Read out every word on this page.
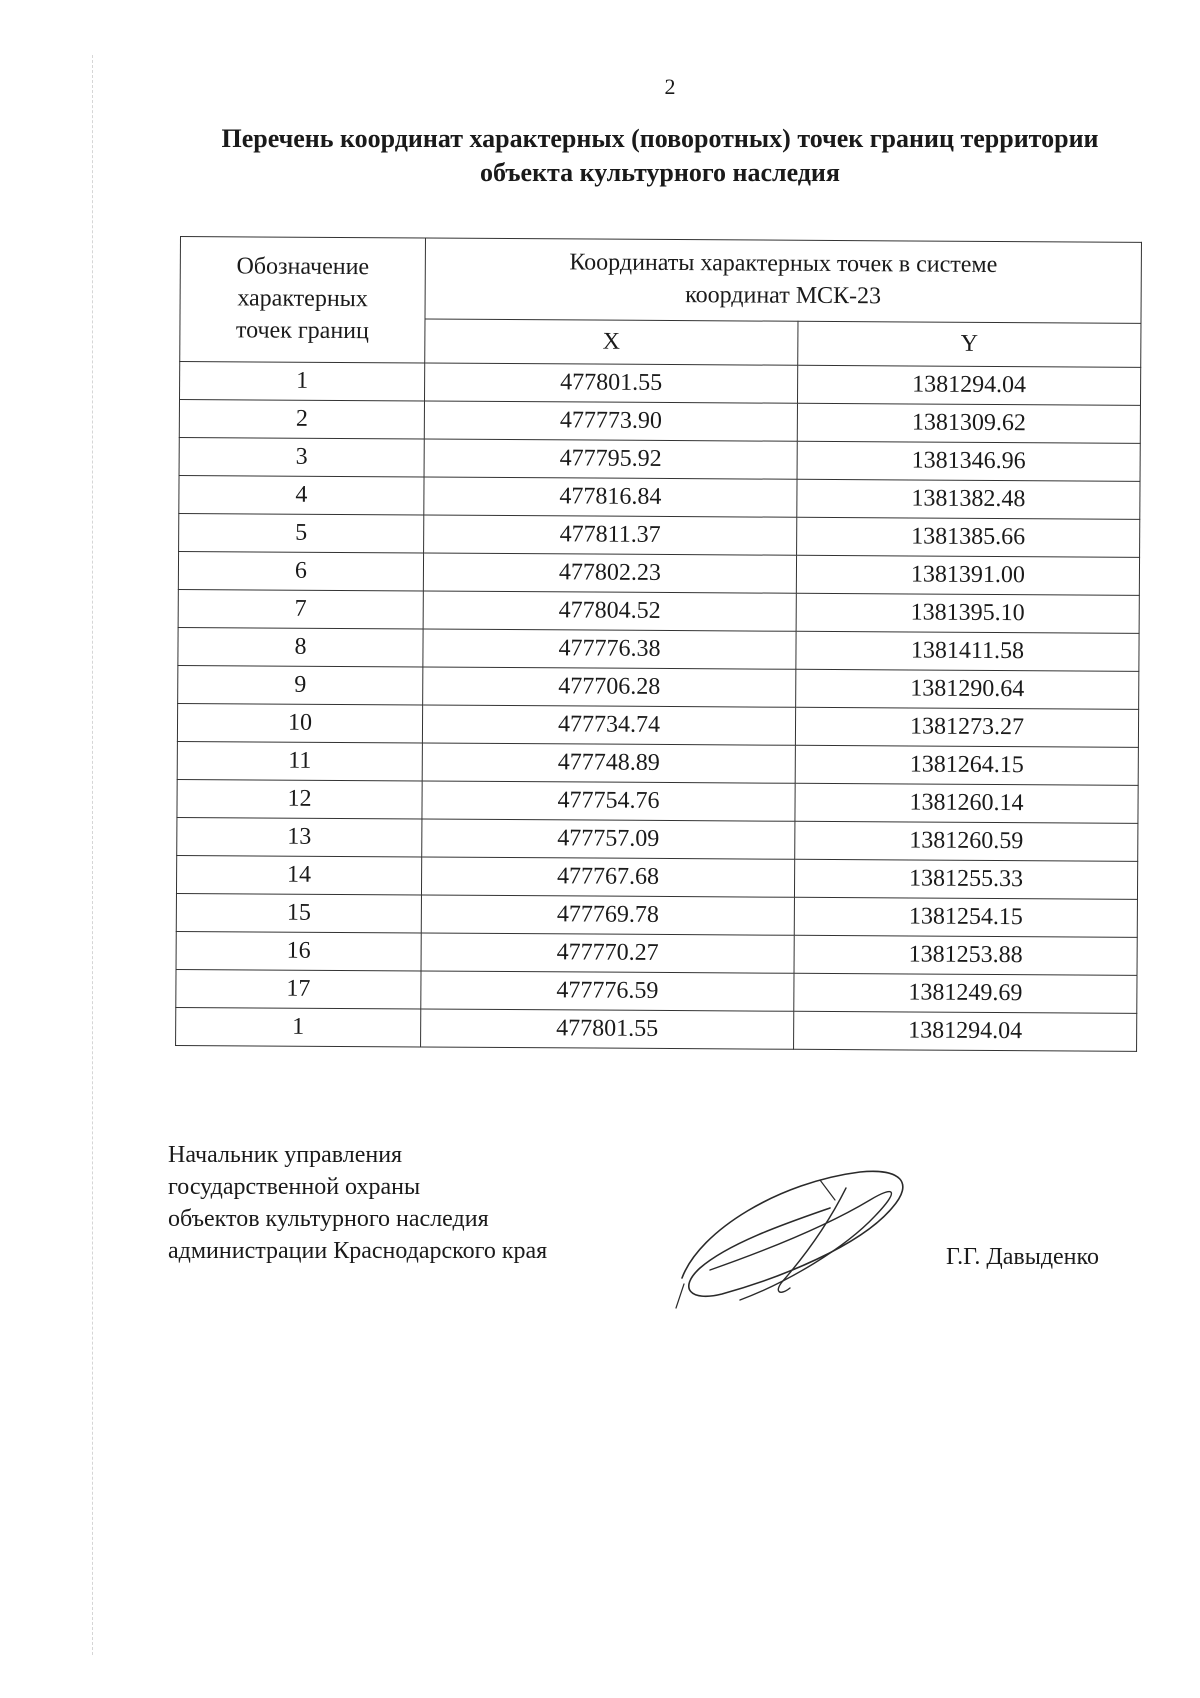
2
Перечень координат характерных (поворотных) точек границ территории
объекта культурного наследия
Обозначение
характерных
точек границ	Координаты характерных точек в системе
координат МСК-23	

	X	Y
1	477801.55	1381294.04
2	477773.90	1381309.62
3	477795.92	1381346.96
4	477816.84	1381382.48
5	477811.37	1381385.66
6	477802.23	1381391.00
7	477804.52	1381395.10
8	477776.38	1381411.58
9	477706.28	1381290.64
10	477734.74	1381273.27
11	477748.89	1381264.15
12	477754.76	1381260.14
13	477757.09	1381260.59
14	477767.68	1381255.33
15	477769.78	1381254.15
16	477770.27	1381253.88
17	477776.59	1381249.69
1	477801.55	1381294.04
Начальник управления
государственной охраны
объектов культурного наследия
администрации Краснодарского края	Г.Г. Давыденко
